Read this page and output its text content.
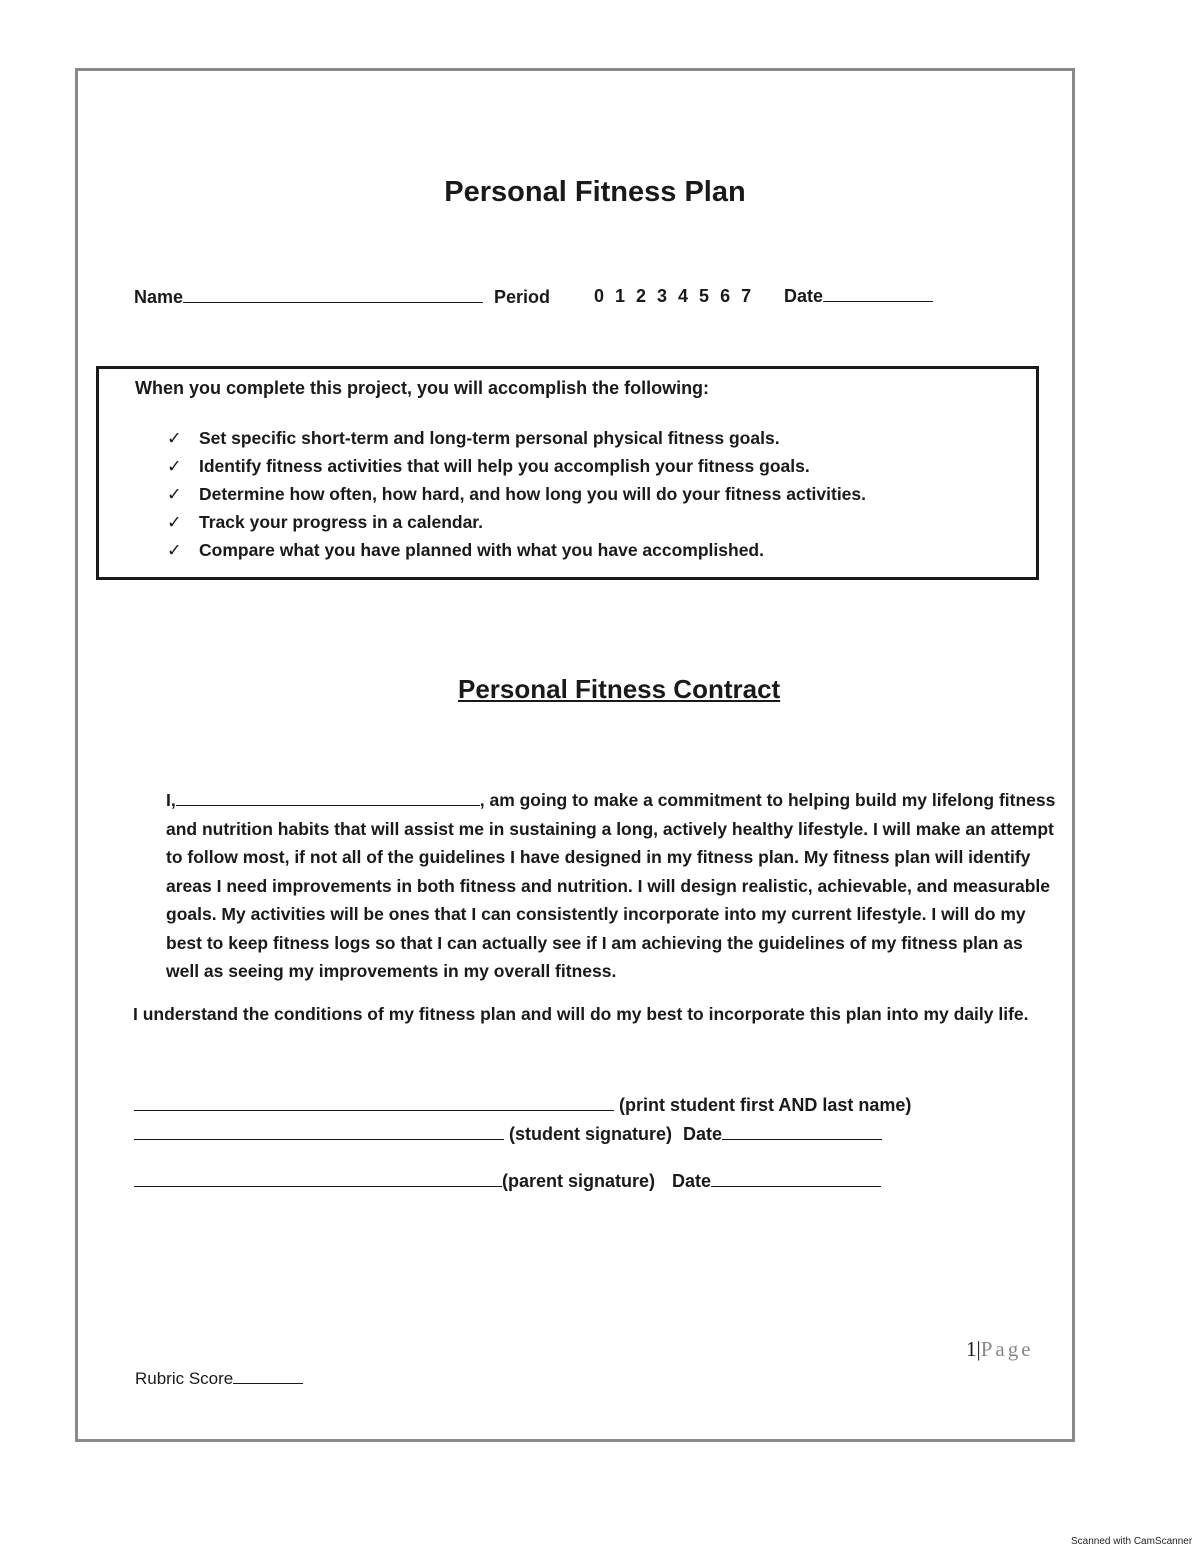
Personal Fitness Plan
Name	Period 0 1 2 3 4 5 6 7 Date
When you complete this project, you will accomplish the following:
✓ Set specific short-term and long-term personal physical fitness goals.
✓ Identify fitness activities that will help you accomplish your fitness goals.
✓ Determine how often, how hard, and how long you will do your fitness activities.
✓ Track your progress in a calendar.
✓ Compare what you have planned with what you have accomplished.
Personal Fitness Contract
I,	, am going to make a commitment to helping build my lifelong fitness and nutrition habits that will assist me in sustaining a long, actively healthy lifestyle. I will make an attempt to follow most, if not all of the guidelines I have designed in my fitness plan. My fitness plan will identify areas I need improvements in both fitness and nutrition. I will design realistic, achievable, and measurable goals. My activities will be ones that I can consistently incorporate into my current lifestyle. I will do my best to keep fitness logs so that I can actually see if I am achieving the guidelines of my fitness plan as well as seeing my improvements in my overall fitness.
I understand the conditions of my fitness plan and will do my best to incorporate this plan into my daily life.
(print student first AND last name)
(student signature) Date
(parent signature) Date
1|Page
Rubric Score
Scanned with CamScanner
